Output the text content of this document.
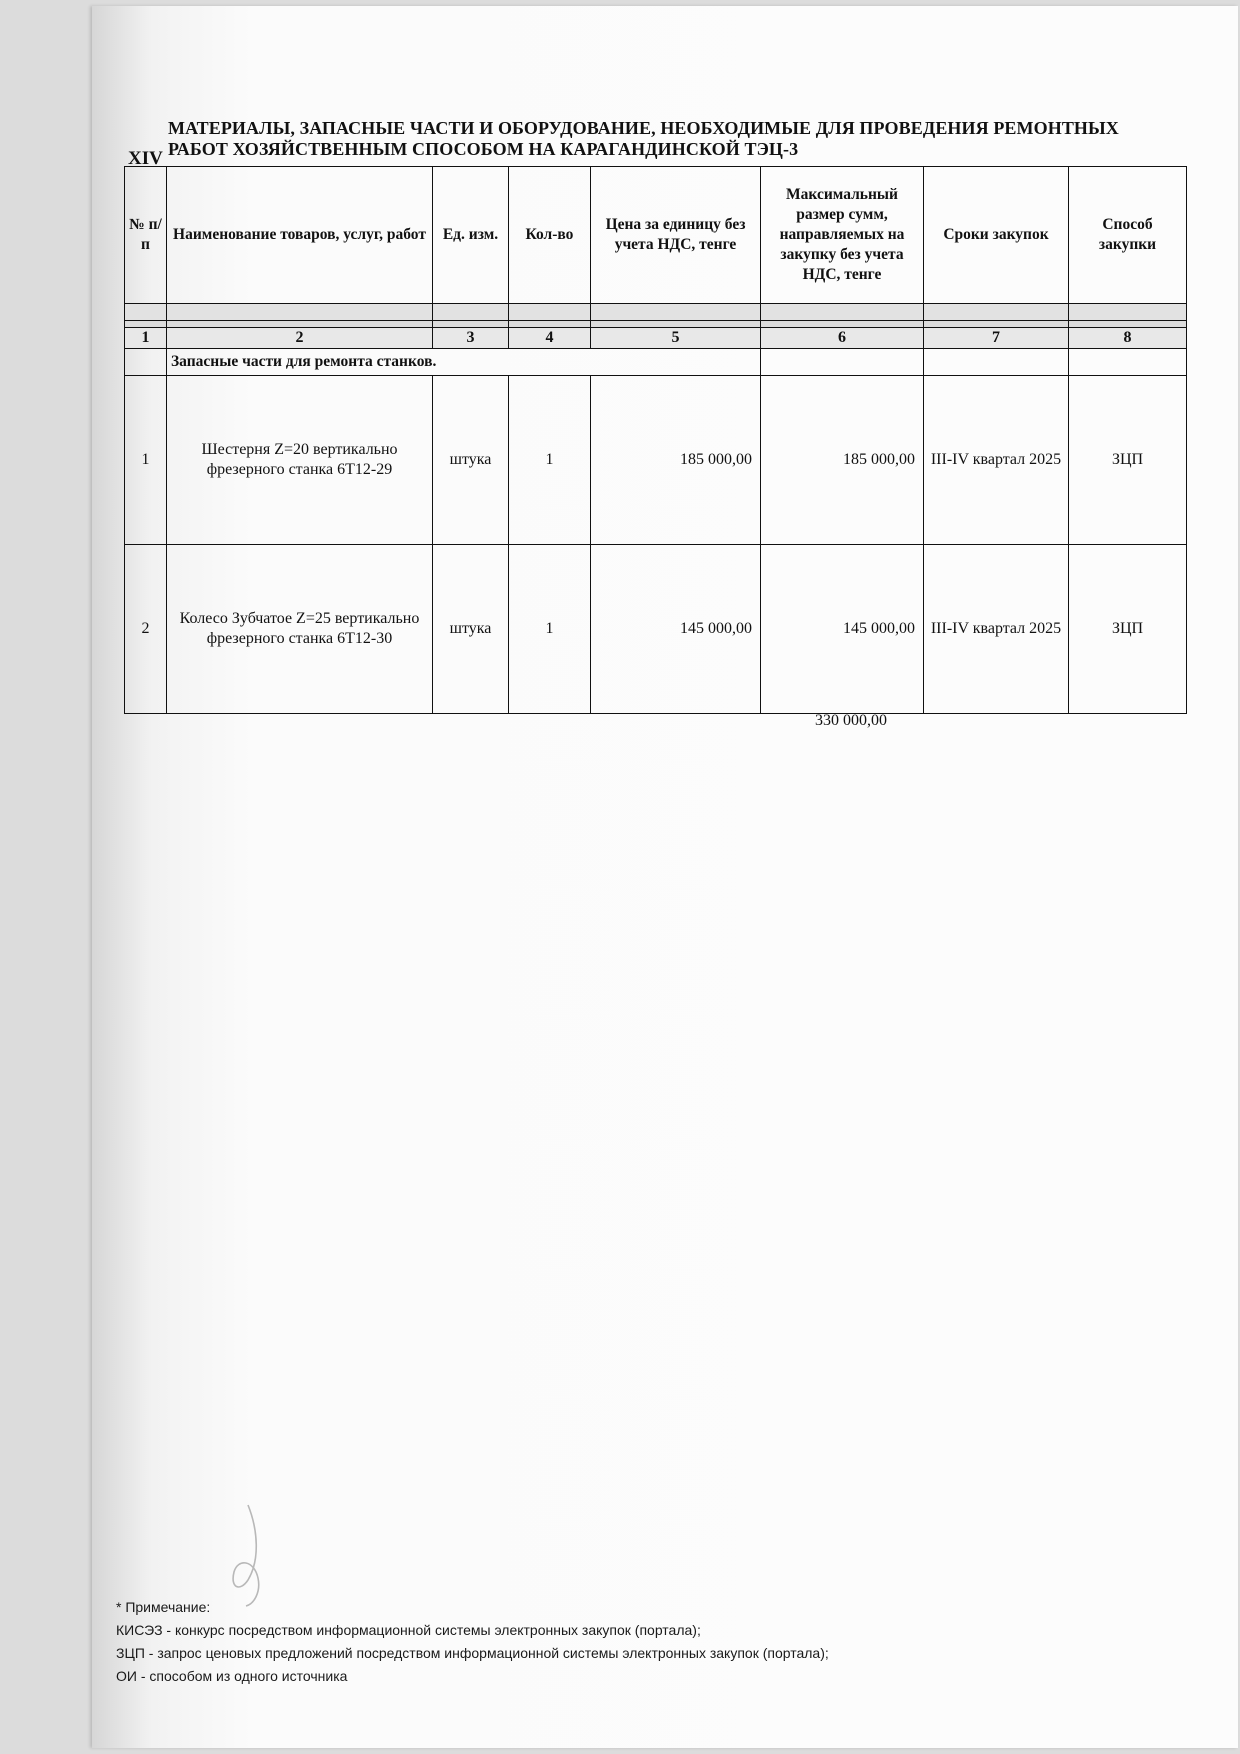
XIV
МАТЕРИАЛЫ, ЗАПАСНЫЕ ЧАСТИ И ОБОРУДОВАНИЕ, НЕОБХОДИМЫЕ ДЛЯ ПРОВЕДЕНИЯ РЕМОНТНЫХ РАБОТ ХОЗЯЙСТВЕННЫМ СПОСОБОМ НА КАРАГАНДИНСКОЙ ТЭЦ-3
№ п/п	Наименование товаров, услуг, работ	Ед. изм.	Кол-во	Цена за единицу без учета НДС, тенге	Максимальный размер сумм, направляемых на закупку без учета НДС, тенге	Сроки закупок	Способ закупки

1	2	3	4	5	6	7	8
	Запасные части для ремонта станков.						
1	Шестерня Z=20 вертикально фрезерного станка 6Т12-29	штука	1	185 000,00	185 000,00	III-IV квартал 2025	ЗЦП
2	Колесо Зубчатое Z=25 вертикально фрезерного станка 6Т12-30	штука	1	145 000,00	145 000,00	III-IV квартал 2025	ЗЦП
330 000,00
* Примечание:
КИСЭЗ - конкурс посредством информационной системы электронных закупок (портала);
ЗЦП - запрос ценовых предложений посредством информационной системы электронных закупок (портала);
ОИ - способом из одного источника
